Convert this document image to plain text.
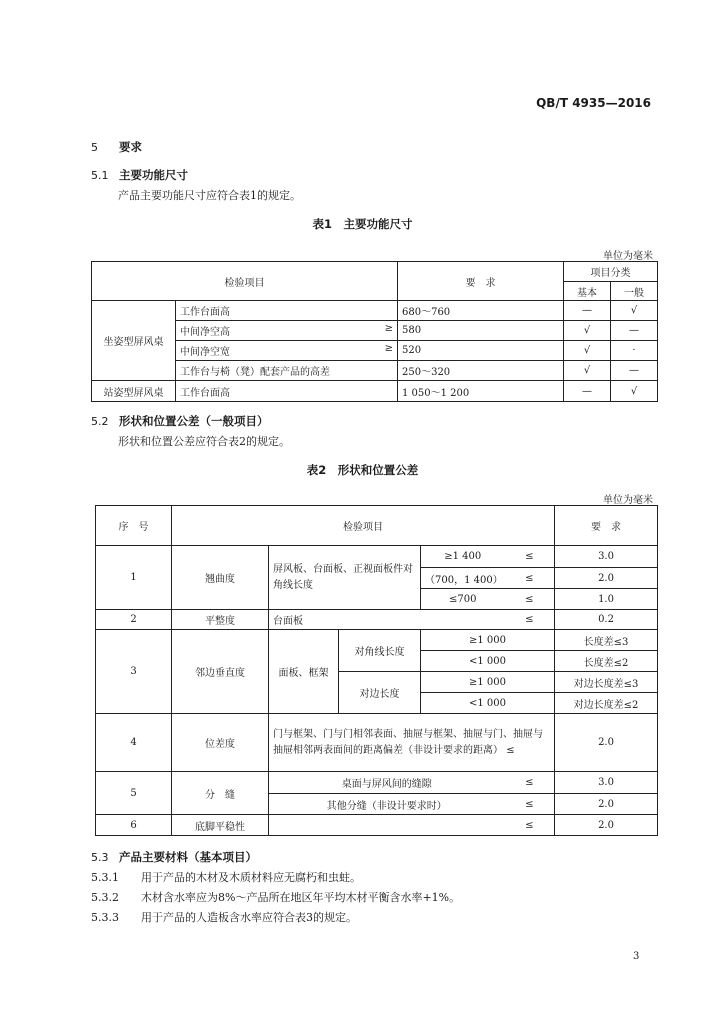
QB/T 4935—2016
5 要求
5.1 主要功能尺寸
产品主要功能尺寸应符合表1的规定。
表1　主要功能尺寸
单位为毫米
检验项目		要　求	项目分类	
			基本	一般
坐姿型屏风桌	工作台面高	680～760	—	√
	中间净空高 ≥	580	√	—
	中间净空宽 ≥	520	√	·
	工作台与椅（凳）配套产品的高差	250～320	√	—
站姿型屏风桌	工作台面高	1 050～1 200	—	√
5.2 形状和位置公差（一般项目）
形状和位置公差应符合表2的规定。
表2　形状和位置公差
单位为毫米
序　号	检验项目					要　求
1	翘曲度	屏风板、台面板、正视面板件对角线长度		≥1 400	≤	3.0
				（700，1 400）	≤	2.0
				≤700	≤	1.0
2	平整度	台面板			≤	0.2
3	邻边垂直度	面板、框架	对角线长度	≥1 000		长度差≤3
				<1 000		长度差≤2
			对边长度	≥1 000		对边长度差≤3
				<1 000		对边长度差≤2
4	位差度	门与框架、门与门相邻表面、抽屉与框架、抽屉与门、抽屉与抽屉相邻两表面间的距离偏差（非设计要求的距离） ≤				2.0
5	分　缝	桌面与屏风间的缝隙			≤	3.0
		其他分缝（非设计要求时）			≤	2.0
6	底脚平稳性				≤	2.0
5.3 产品主要材料（基本项目）
5.3.1 用于产品的木材及木质材料应无腐朽和虫蛀。
5.3.2 木材含水率应为8%～产品所在地区年平均木材平衡含水率+1%。
5.3.3 用于产品的人造板含水率应符合表3的规定。
3
